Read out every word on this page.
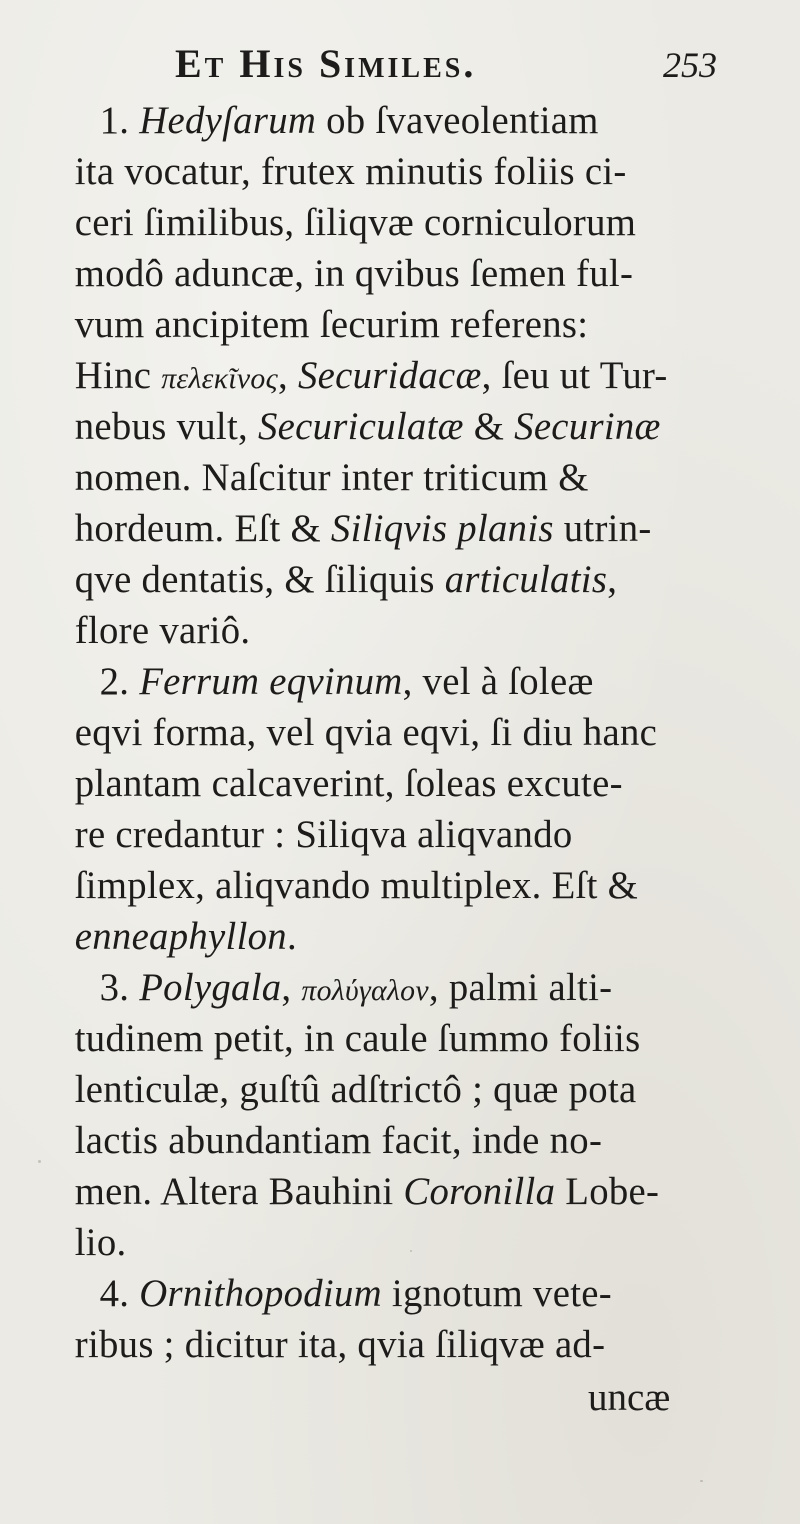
Et His Similes.	253
1. Hedyſarum ob ſvaveolentiam
ita vocatur, frutex minutis foliis ci-
ceri ſimilibus, ſiliqvæ corniculorum
modô aduncæ, in qvibus ſemen ful-
vum ancipitem ſecurim referens:
Hinc πελεκῖνος, Securidacæ, ſeu ut Tur-
nebus vult, Securiculatæ & Securinæ
nomen. Naſcitur inter triticum &
hordeum. Eſt & Siliqvis planis utrin-
qve dentatis, & ſiliquis articulatis,
flore variô.
2. Ferrum eqvinum, vel à ſoleæ
eqvi forma, vel qvia eqvi, ſi diu hanc
plantam calcaverint, ſoleas excute-
re credantur : Siliqva aliqvando
ſimplex, aliqvando multiplex. Eſt &
enneaphyllon.
3. Polygala, πολύγαλον, palmi alti-
tudinem petit, in caule ſummo foliis
lenticulæ, guſtû adſtrictô ; quæ pota
lactis abundantiam facit, inde no-
men. Altera Bauhini Coronilla Lobe-
lio.
4. Ornithopodium ignotum vete-
ribus ; dicitur ita, qvia ſiliqvæ ad-
uncæ
